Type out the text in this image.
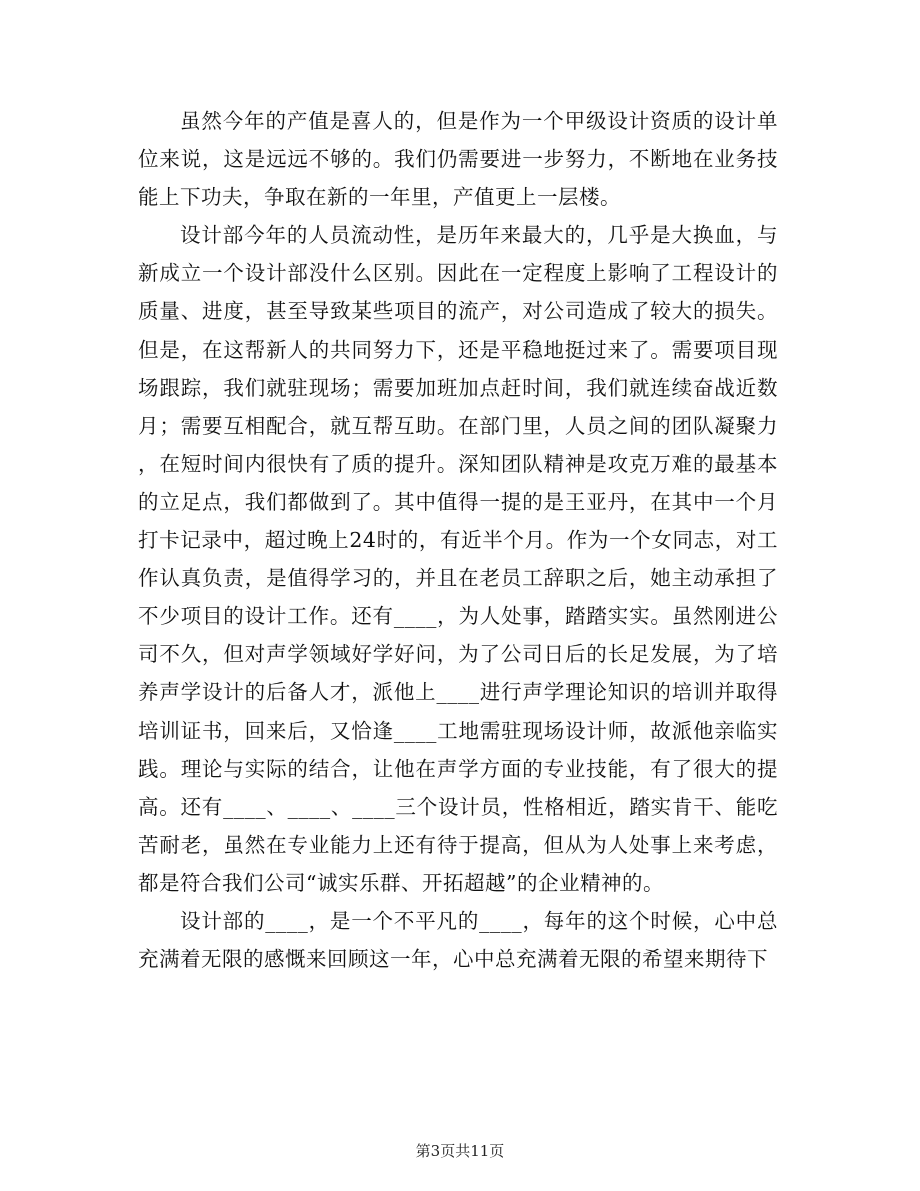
虽然今年的产值是喜人的，但是作为一个甲级设计资质的设计单
位来说，这是远远不够的。我们仍需要进一步努力，不断地在业务技
能上下功夫，争取在新的一年里，产值更上一层楼。
设计部今年的人员流动性，是历年来最大的，几乎是大换血，与
新成立一个设计部没什么区别。因此在一定程度上影响了工程设计的
质量、进度，甚至导致某些项目的流产，对公司造成了较大的损失。
但是，在这帮新人的共同努力下，还是平稳地挺过来了。需要项目现
场跟踪，我们就驻现场；需要加班加点赶时间，我们就连续奋战近数
月；需要互相配合，就互帮互助。在部门里，人员之间的团队凝聚力
，在短时间内很快有了质的提升。深知团队精神是攻克万难的最基本
的立足点，我们都做到了。其中值得一提的是王亚丹，在其中一个月
打卡记录中，超过晚上24时的，有近半个月。作为一个女同志，对工
作认真负责，是值得学习的，并且在老员工辞职之后，她主动承担了
不少项目的设计工作。还有____，为人处事，踏踏实实。虽然刚进公
司不久，但对声学领域好学好问，为了公司日后的长足发展，为了培
养声学设计的后备人才，派他上____进行声学理论知识的培训并取得
培训证书，回来后，又恰逢____工地需驻现场设计师，故派他亲临实
践。理论与实际的结合，让他在声学方面的专业技能，有了很大的提
高。还有____、____、____三个设计员，性格相近，踏实肯干、能吃
苦耐老，虽然在专业能力上还有待于提高，但从为人处事上来考虑，
都是符合我们公司“诚实乐群、开拓超越”的企业精神的。
设计部的____，是一个不平凡的____，每年的这个时候，心中总
充满着无限的感慨来回顾这一年，心中总充满着无限的希望来期待下
第3页共11页
